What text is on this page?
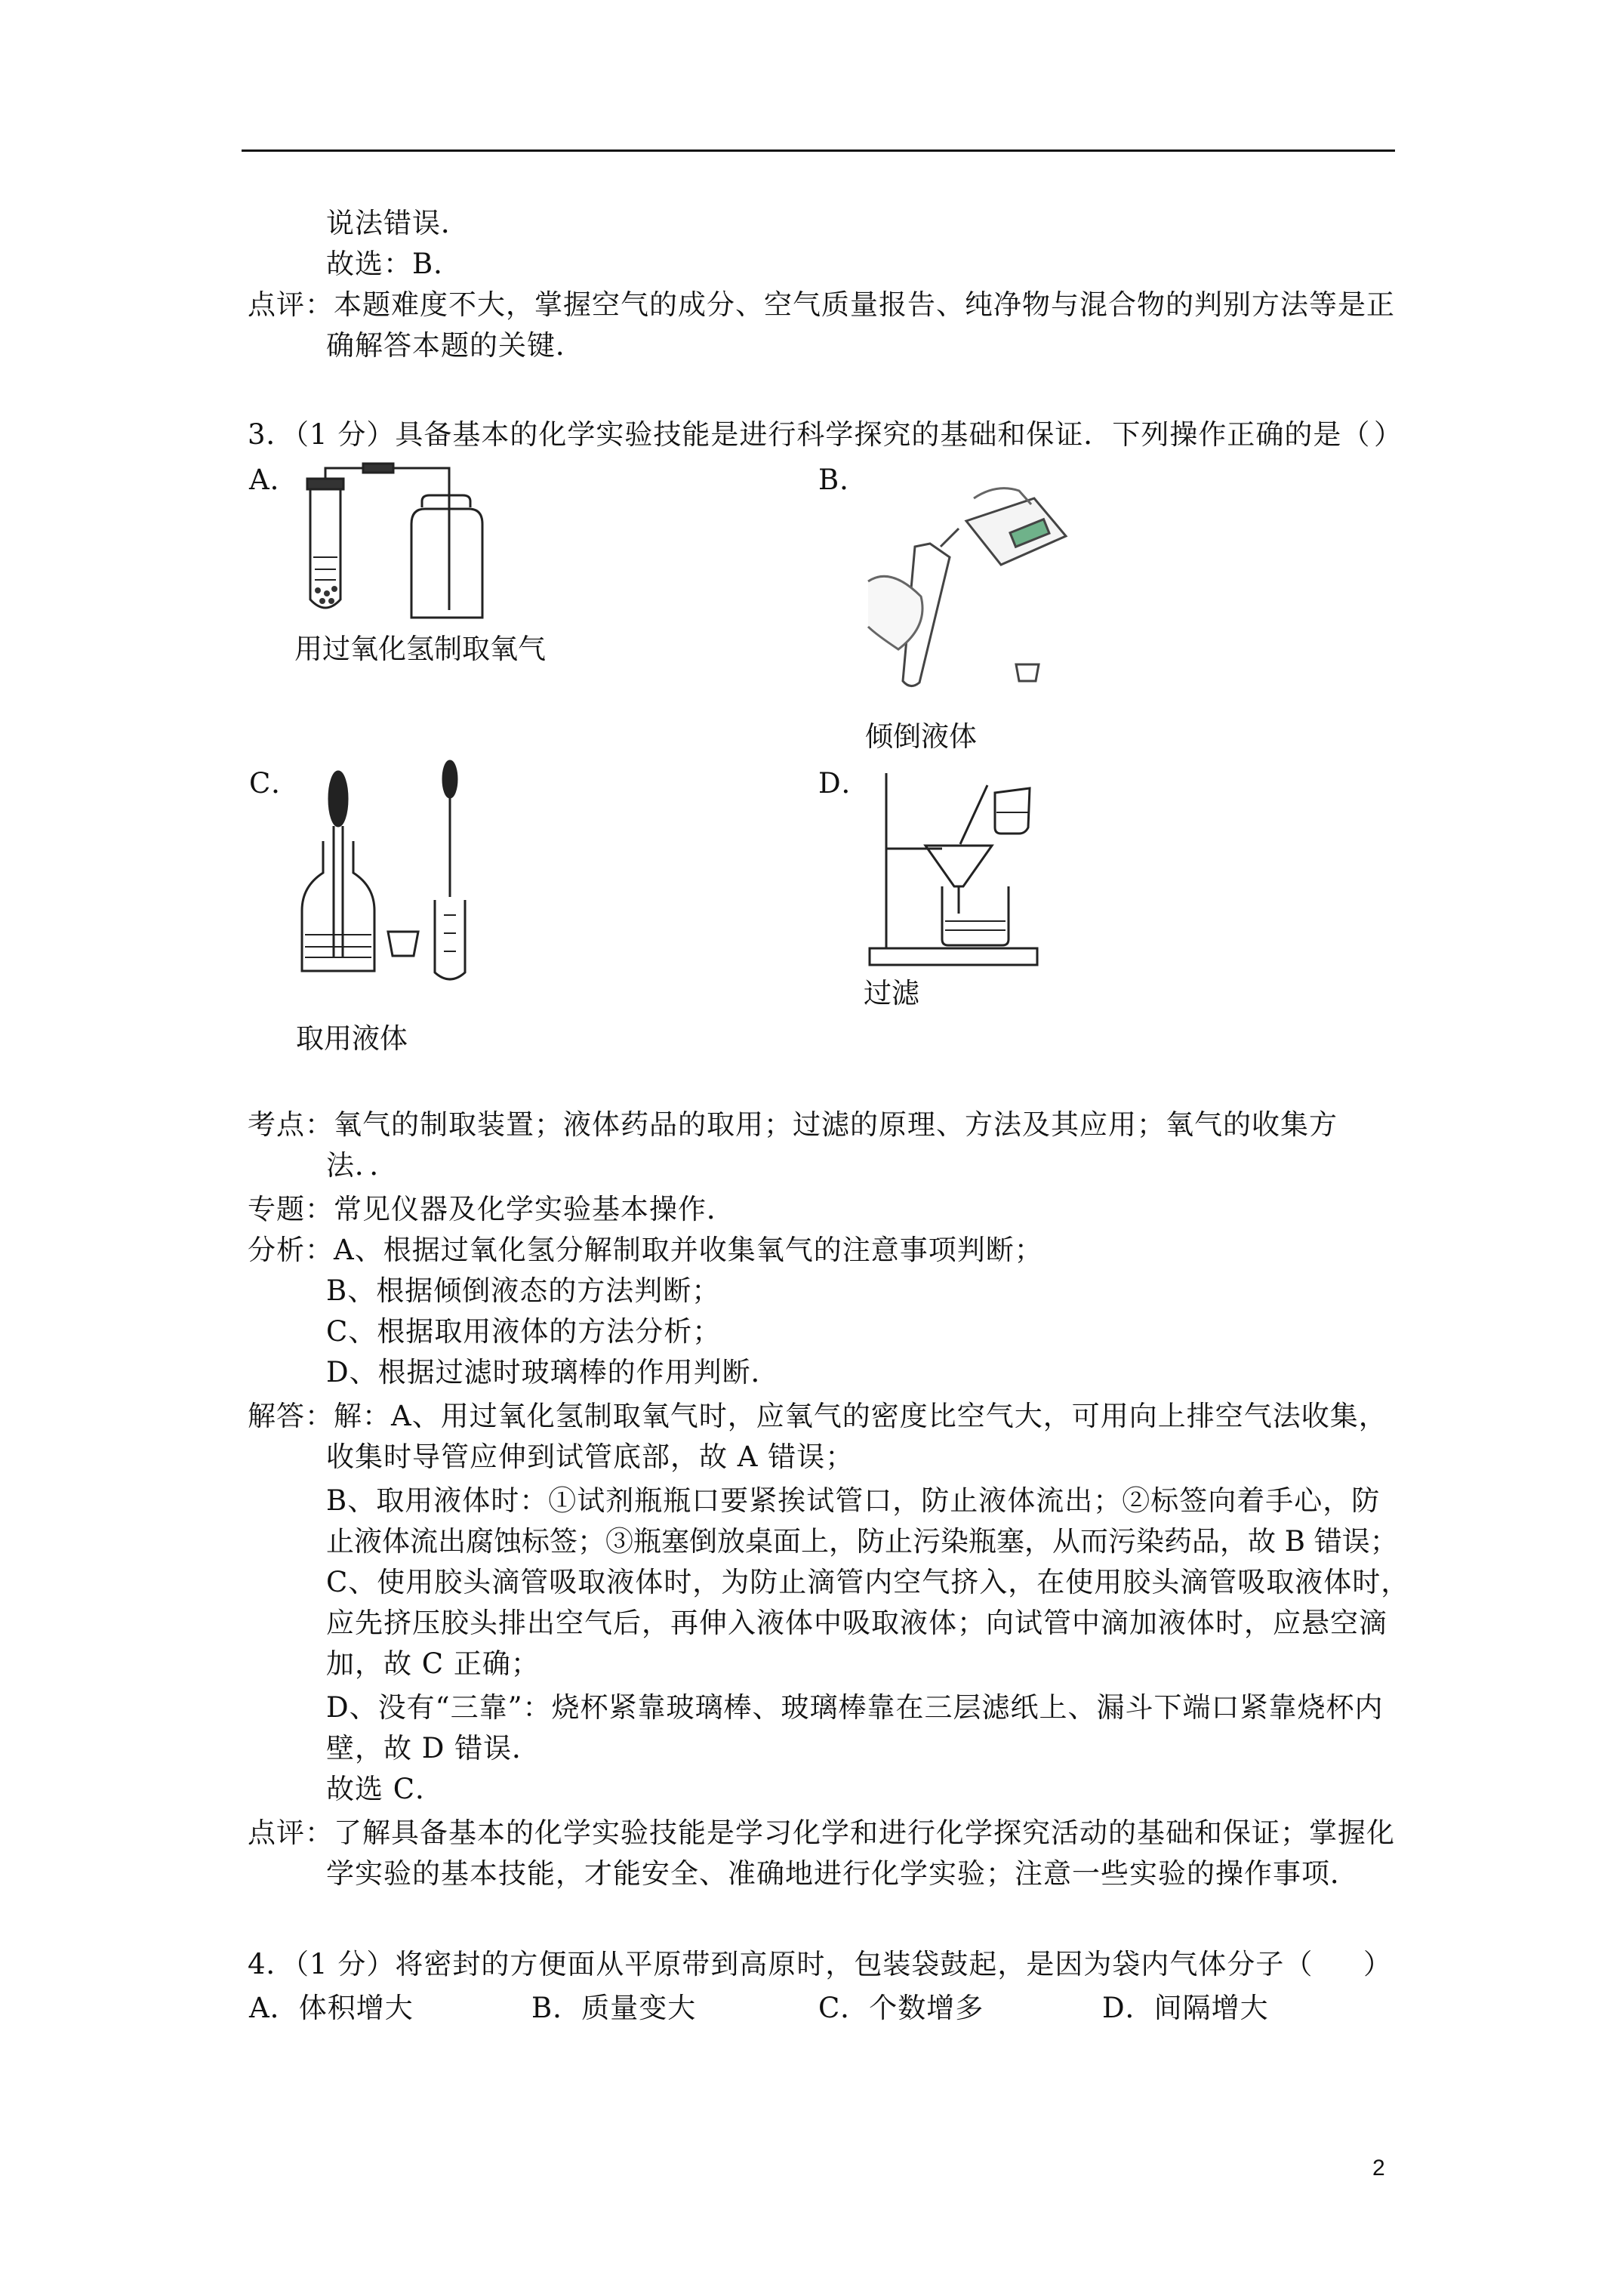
说法错误．
故选：B．
点评：本题难度不大，掌握空气的成分、空气质量报告、纯净物与混合物的判别方法等是正
确解答本题的关键．
3．（1 分）具备基本的化学实验技能是进行科学探究的基础和保证．下列操作正确的是（ ）
A．	B．
用过氧化氢制取氧气
倾倒液体
C．	D．
取用液体
过滤
考点：氧气的制取装置；液体药品的取用；过滤的原理、方法及其应用；氧气的收集方
法．．
专题：常见仪器及化学实验基本操作．
分析：A、根据过氧化氢分解制取并收集氧气的注意事项判断；
B、根据倾倒液态的方法判断；
C、根据取用液体的方法分析；
D、根据过滤时玻璃棒的作用判断．
解答：解：A、用过氧化氢制取氧气时，应氧气的密度比空气大，可用向上排空气法收集，
收集时导管应伸到试管底部，故 A 错误；
B、取用液体时：①试剂瓶瓶口要紧挨试管口，防止液体流出；②标签向着手心，防
止液体流出腐蚀标签；③瓶塞倒放桌面上，防止污染瓶塞，从而污染药品，故 B 错误；
C、使用胶头滴管吸取液体时，为防止滴管内空气挤入，在使用胶头滴管吸取液体时，
应先挤压胶头排出空气后，再伸入液体中吸取液体；向试管中滴加液体时，应悬空滴
加，故 C 正确；
D、没有“三靠”：烧杯紧靠玻璃棒、玻璃棒靠在三层滤纸上、漏斗下端口紧靠烧杯内
壁，故 D 错误．
故选 C．
点评：了解具备基本的化学实验技能是学习化学和进行化学探究活动的基础和保证；掌握化
学实验的基本技能，才能安全、准确地进行化学实验；注意一些实验的操作事项．
4．（1 分）将密封的方便面从平原带到高原时，包装袋鼓起，是因为袋内气体分子（ ）
A．体积增大	B．质量变大	C．个数增多	D．间隔增大
2
